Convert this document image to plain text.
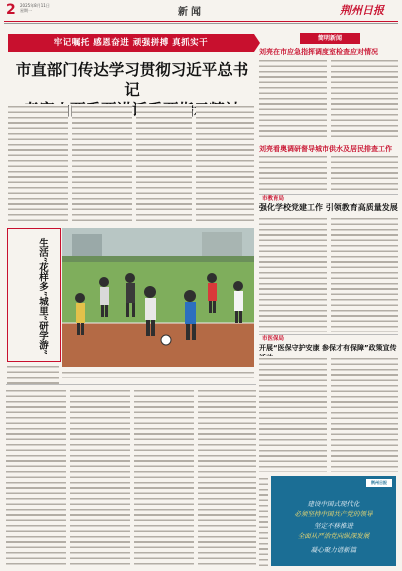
2 2025年8月11日
星期一	新闻	荆州日报
牢记嘱托 感恩奋进 顽强拼搏 真抓实干
市直部门传达学习贯彻习近平总书记
生活“花样多”城里“研学游”
简明新闻
刘亮在市应急指挥调度室检查应对情况
刘亮看奥调研督导城市供水及居民排查工作
市教育局
强化学校党建工作 引领教育高质量发展
市医保局
开展“医保守护安康 参保才有保障”政策宣传
荆州日报
建设中国式现代化
必须坚持中国共产党的领导
坚定不移推进
全面从严治党向纵深发展
凝心聚力谱新篇
